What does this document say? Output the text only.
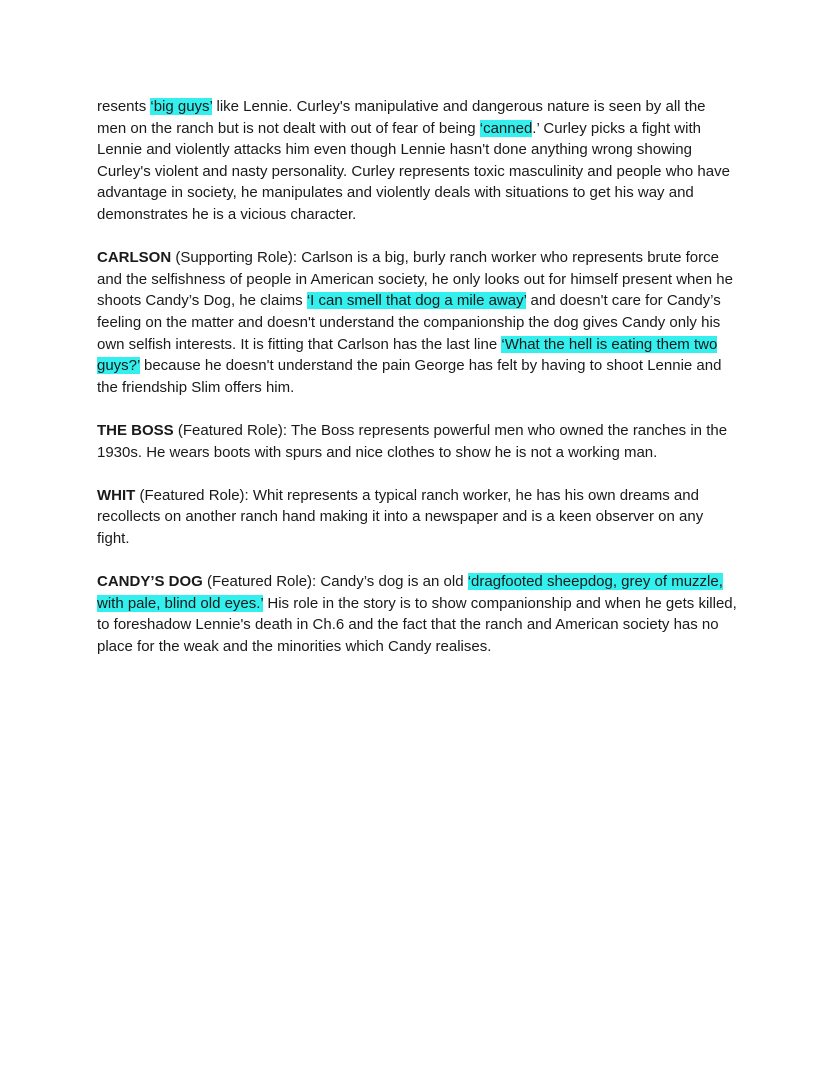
resents ‘big guys’ like Lennie. Curley's manipulative and dangerous nature is seen by all the men on the ranch but is not dealt with out of fear of being ‘canned.’ Curley picks a fight with Lennie and violently attacks him even though Lennie hasn't done anything wrong showing Curley's violent and nasty personality. Curley represents toxic masculinity and people who have advantage in society, he manipulates and violently deals with situations to get his way and demonstrates he is a vicious character.

CARLSON (Supporting Role): Carlson is a big, burly ranch worker who represents brute force and the selfishness of people in American society, he only looks out for himself present when he shoots Candy’s Dog, he claims ‘I can smell that dog a mile away’ and doesn't care for Candy’s feeling on the matter and doesn't understand the companionship the dog gives Candy only his own selfish interests. It is fitting that Carlson has the last line ‘What the hell is eating them two guys?’ because he doesn't understand the pain George has felt by having to shoot Lennie and the friendship Slim offers him.

THE BOSS (Featured Role): The Boss represents powerful men who owned the ranches in the 1930s. He wears boots with spurs and nice clothes to show he is not a working man.

WHIT (Featured Role): Whit represents a typical ranch worker, he has his own dreams and recollects on another ranch hand making it into a newspaper and is a keen observer on any fight.

CANDY’S DOG (Featured Role): Candy’s dog is an old ‘dragfooted sheepdog, grey of muzzle, with pale, blind old eyes.’ His role in the story is to show companionship and when he gets killed, to foreshadow Lennie's death in Ch.6 and the fact that the ranch and American society has no place for the weak and the minorities which Candy realises.
